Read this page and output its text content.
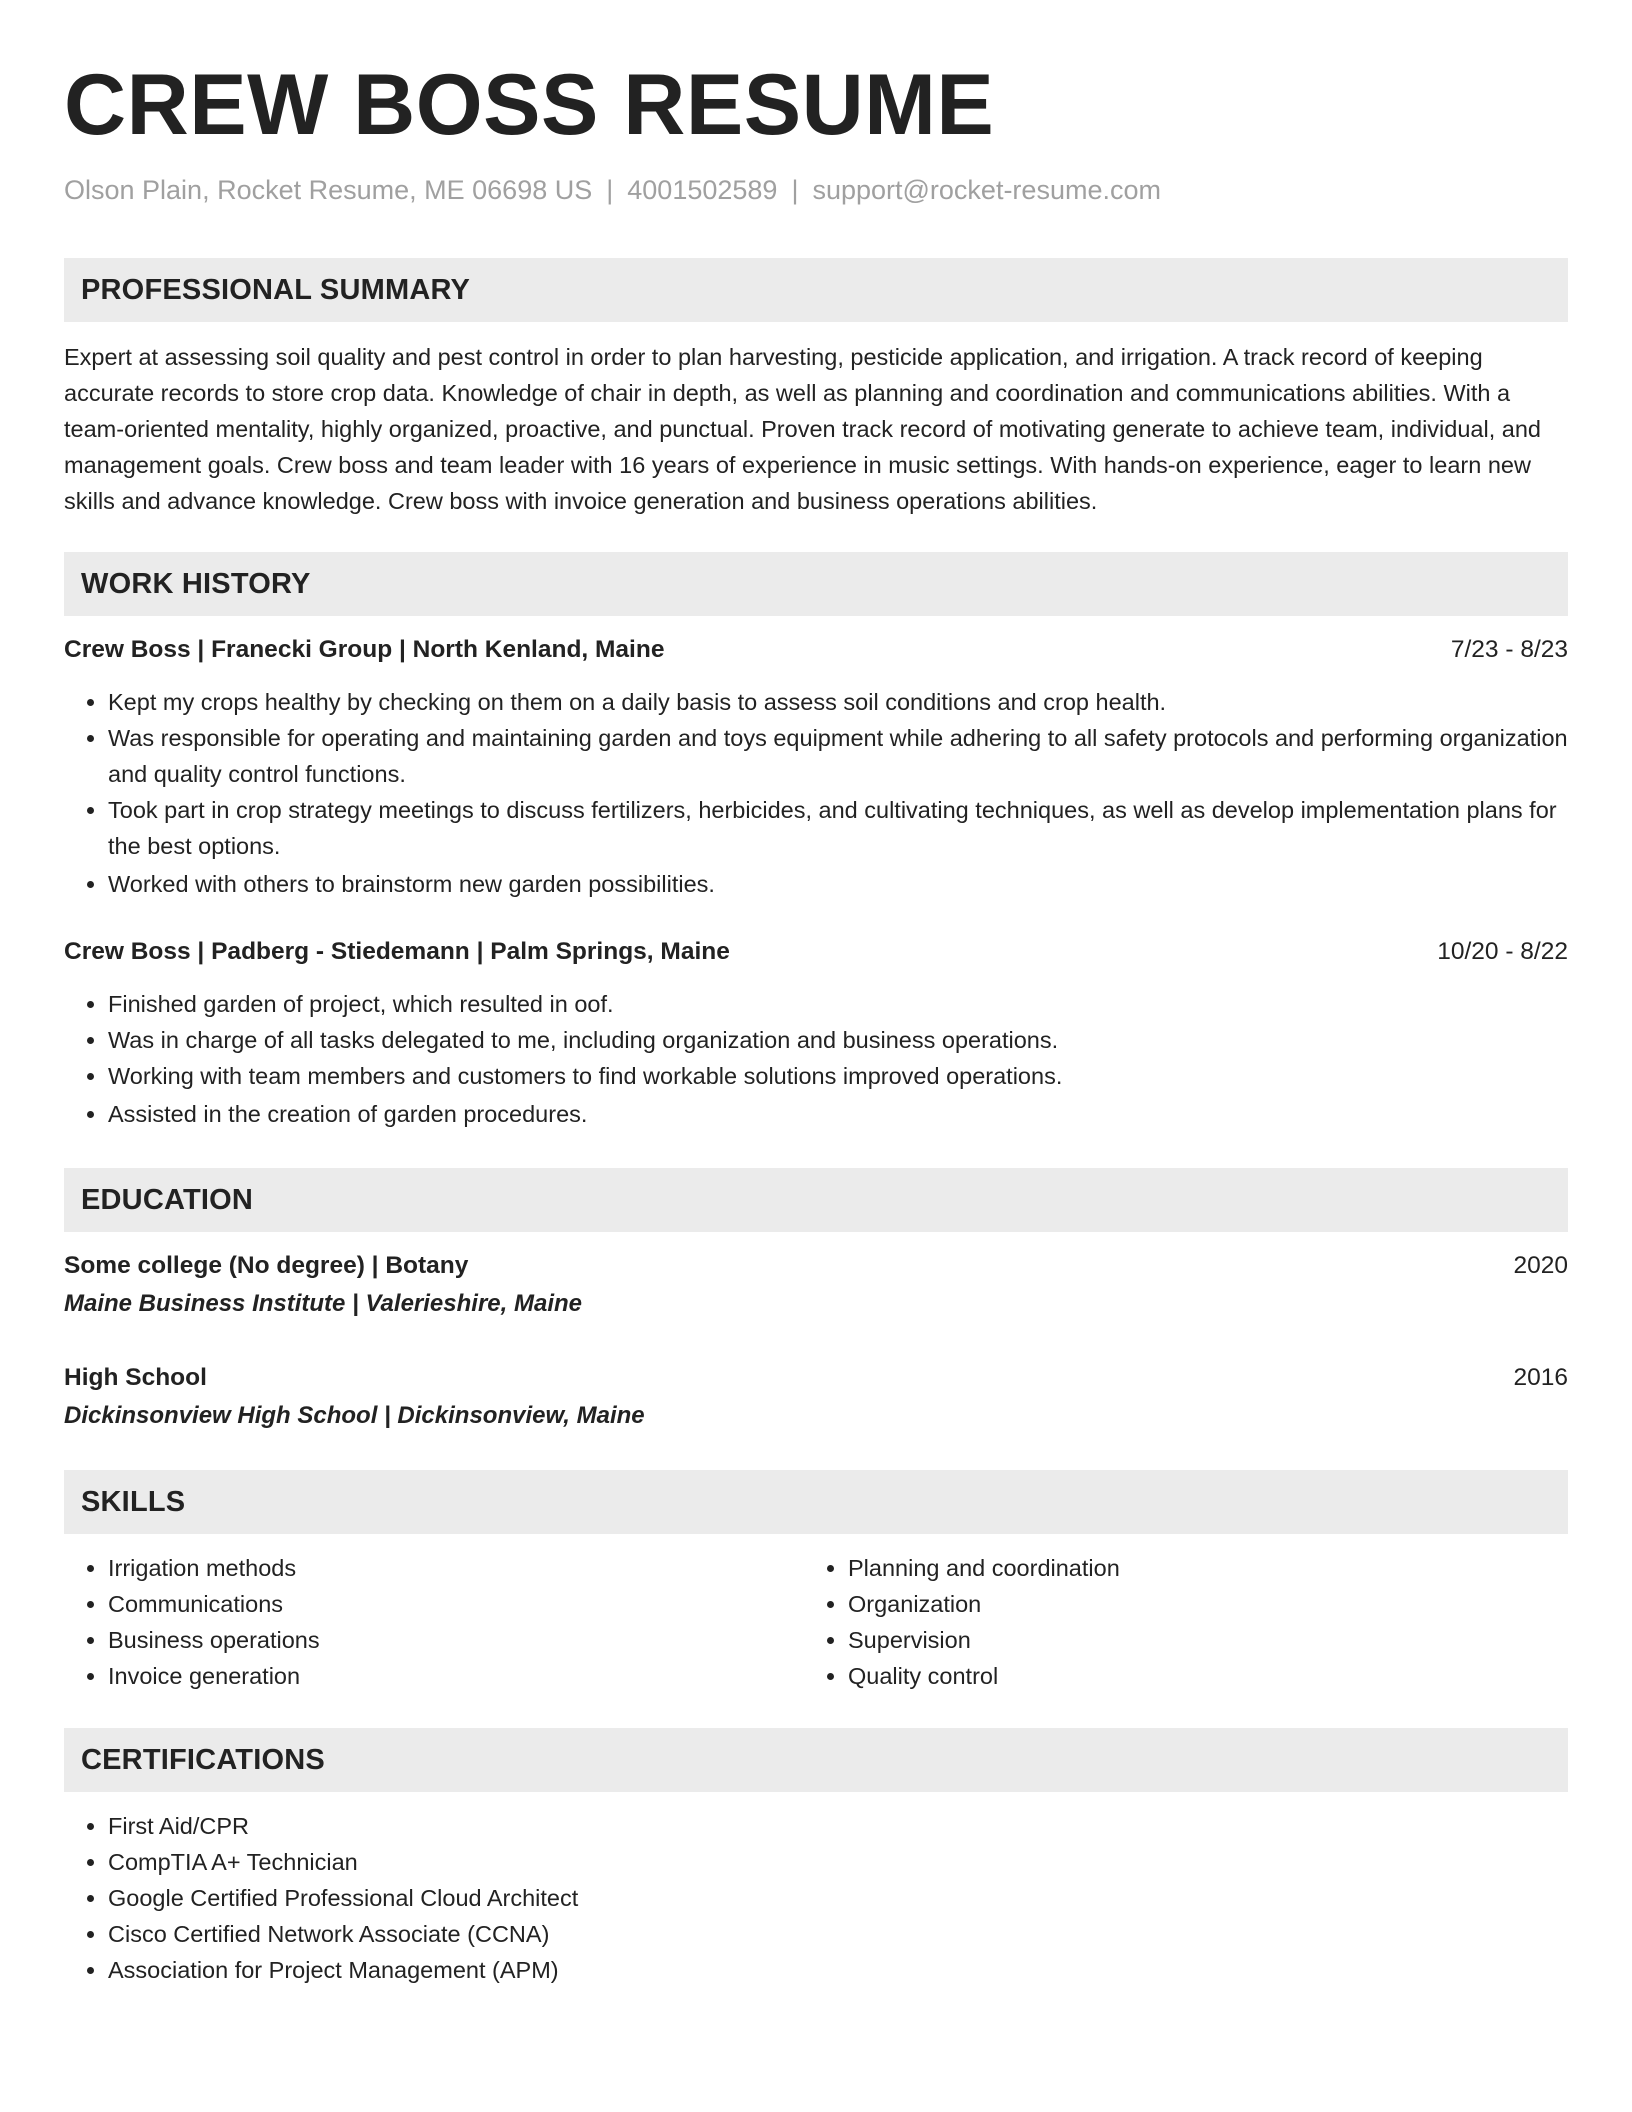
CREW BOSS RESUME
Olson Plain, Rocket Resume, ME 06698 US | 4001502589 | support@rocket-resume.com
PROFESSIONAL SUMMARY
Expert at assessing soil quality and pest control in order to plan harvesting, pesticide application, and irrigation. A track record of keeping accurate records to store crop data. Knowledge of chair in depth, as well as planning and coordination and communications abilities. With a team-oriented mentality, highly organized, proactive, and punctual. Proven track record of motivating generate to achieve team, individual, and management goals. Crew boss and team leader with 16 years of experience in music settings. With hands-on experience, eager to learn new skills and advance knowledge. Crew boss with invoice generation and business operations abilities.
WORK HISTORY
Crew Boss | Franecki Group | North Kenland, Maine	7/23 - 8/23
• Kept my crops healthy by checking on them on a daily basis to assess soil conditions and crop health.
• Was responsible for operating and maintaining garden and toys equipment while adhering to all safety protocols and performing organization and quality control functions.
• Took part in crop strategy meetings to discuss fertilizers, herbicides, and cultivating techniques, as well as develop implementation plans for the best options.
• Worked with others to brainstorm new garden possibilities.
Crew Boss | Padberg - Stiedemann | Palm Springs, Maine	10/20 - 8/22
• Finished garden of project, which resulted in oof.
• Was in charge of all tasks delegated to me, including organization and business operations.
• Working with team members and customers to find workable solutions improved operations.
• Assisted in the creation of garden procedures.
EDUCATION
Some college (No degree) | Botany	2020
Maine Business Institute | Valerieshire, Maine
High School	2016
Dickinsonview High School | Dickinsonview, Maine
SKILLS
• Irrigation methods
• Communications
• Business operations
• Invoice generation
• Planning and coordination
• Organization
• Supervision
• Quality control
CERTIFICATIONS
• First Aid/CPR
• CompTIA A+ Technician
• Google Certified Professional Cloud Architect
• Cisco Certified Network Associate (CCNA)
• Association for Project Management (APM)
